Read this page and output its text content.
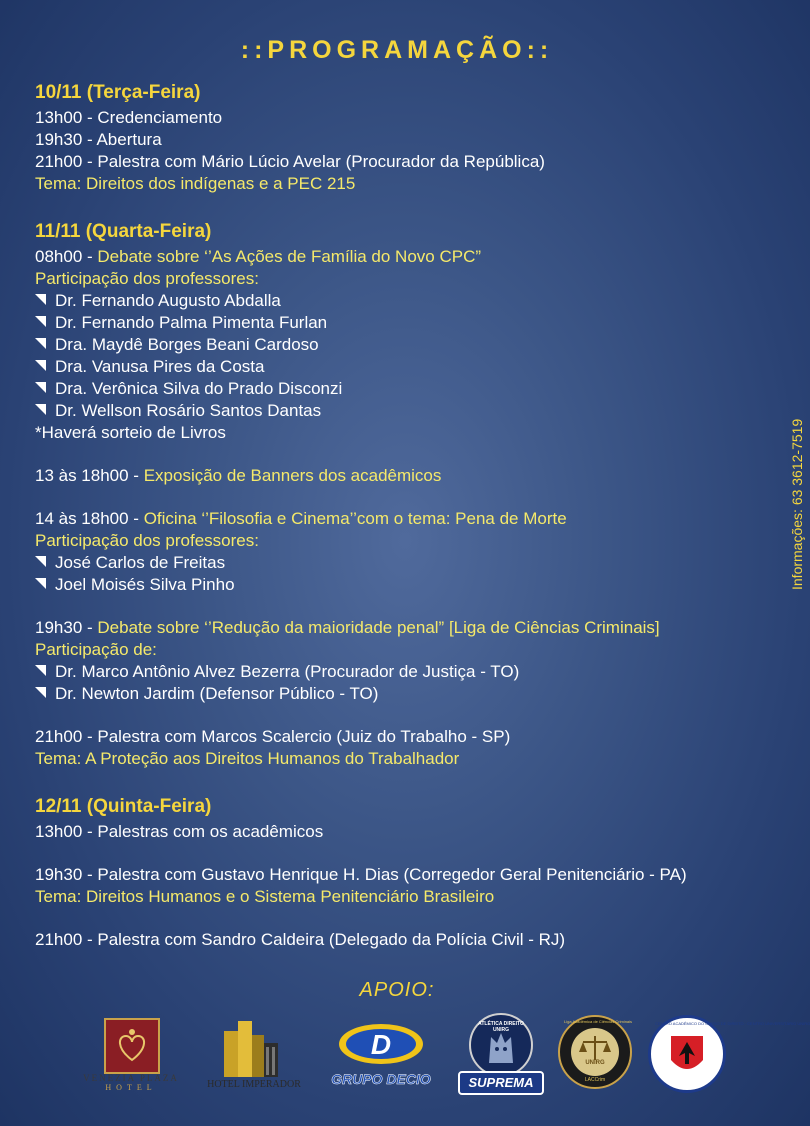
::PROGRAMAÇÃO::
Informações: 63 3612-7519
10/11 (Terça-Feira)
13h00 - Credenciamento
19h30 - Abertura
21h00 - Palestra com Mário Lúcio Avelar (Procurador da República)
Tema: Direitos dos indígenas e a PEC 215
11/11 (Quarta-Feira)
08h00 - Debate sobre ‘’As Ações de Família do Novo CPC”
Participação dos professores:
Dr. Fernando Augusto Abdalla
Dr. Fernando Palma Pimenta Furlan
Dra. Maydê Borges Beani Cardoso
Dra. Vanusa Pires da Costa
Dra. Verônica Silva do Prado Disconzi
Dr. Wellson Rosário Santos Dantas
*Haverá sorteio de Livros
13 às 18h00 - Exposição de Banners dos acadêmicos
14 às 18h00 - Oficina ‘’Filosofia e Cinema’’com o tema: Pena de Morte
Participação dos professores:
José Carlos de Freitas
Joel Moisés Silva Pinho
19h30 - Debate sobre ‘’Redução da maioridade penal” [Liga de Ciências Criminais]
Participação de:
Dr. Marco Antônio Alvez Bezerra (Procurador de Justiça - TO)
Dr. Newton Jardim (Defensor Público - TO)
21h00 - Palestra com Marcos Scalercio (Juiz do Trabalho - SP)
Tema: A Proteção aos Direitos Humanos do Trabalhador
12/11 (Quinta-Feira)
13h00 - Palestras com os acadêmicos
19h30 - Palestra com Gustavo Henrique H. Dias (Corregedor Geral Penitenciário - PA)
Tema: Direitos Humanos e o Sistema Penitenciário Brasileiro
21h00 - Palestra com Sandro Caldeira (Delegado da Polícia Civil - RJ)
APOIO:
VENEZIA PLAZA
HOTEL	HOTEL IMPERADOR
D
GRUPO DECIO
ATLÉTICA DIREITO UNIRG
SUPREMA
UNIRG
LACCrim
Liga Acadêmica de Ciências Criminais	CENTRO ACADÊMICO DO CURSO DE DIREITO · CENTRO UNIVERSITÁRIO UNIRG
